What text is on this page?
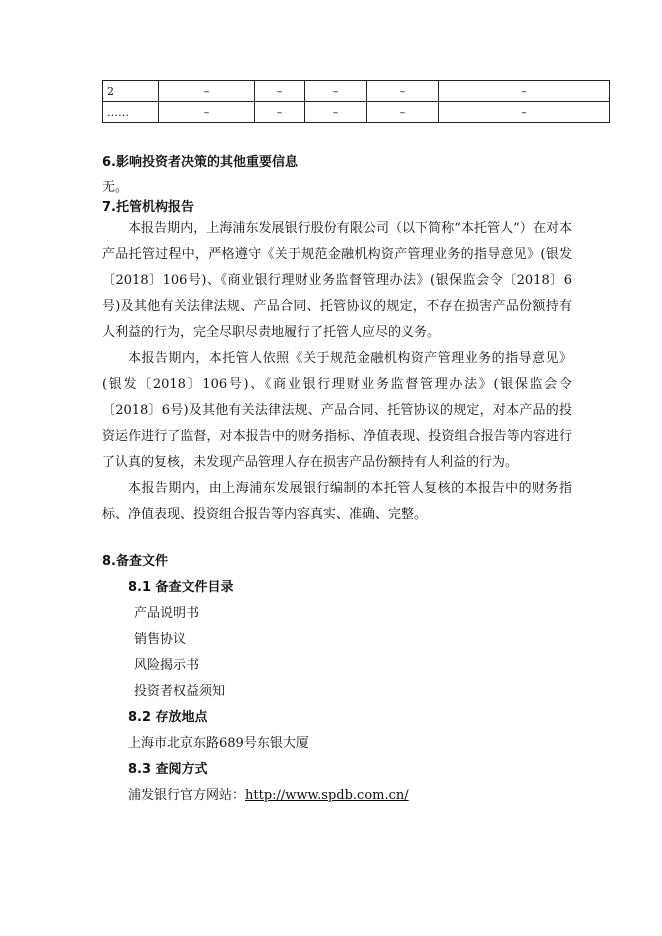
2	–	–	–	–	–
……	–	–	–	–	–
6.影响投资者决策的其他重要信息
无。
7.托管机构报告
本报告期内，上海浦东发展银行股份有限公司（以下简称“本托管人”）在对本产品托管过程中，严格遵守《关于规范金融机构资产管理业务的指导意见》(银发〔2018〕106号)、《商业银行理财业务监督管理办法》(银保监会令〔2018〕6号)及其他有关法律法规、产品合同、托管协议的规定，不存在损害产品份额持有人利益的行为，完全尽职尽责地履行了托管人应尽的义务。
本报告期内，本托管人依照《关于规范金融机构资产管理业务的指导意见》(银发〔2018〕106号)、《商业银行理财业务监督管理办法》(银保监会令〔2018〕6号)及其他有关法律法规、产品合同、托管协议的规定，对本产品的投资运作进行了监督，对本报告中的财务指标、净值表现、投资组合报告等内容进行了认真的复核，未发现产品管理人存在损害产品份额持有人利益的行为。
本报告期内，由上海浦东发展银行编制的本托管人复核的本报告中的财务指标、净值表现、投资组合报告等内容真实、准确、完整。
8.备查文件
8.1 备查文件目录
产品说明书
销售协议
风险揭示书
投资者权益须知
8.2 存放地点
上海市北京东路689号东银大厦
8.3 查阅方式
浦发银行官方网站：http://www.spdb.com.cn/
